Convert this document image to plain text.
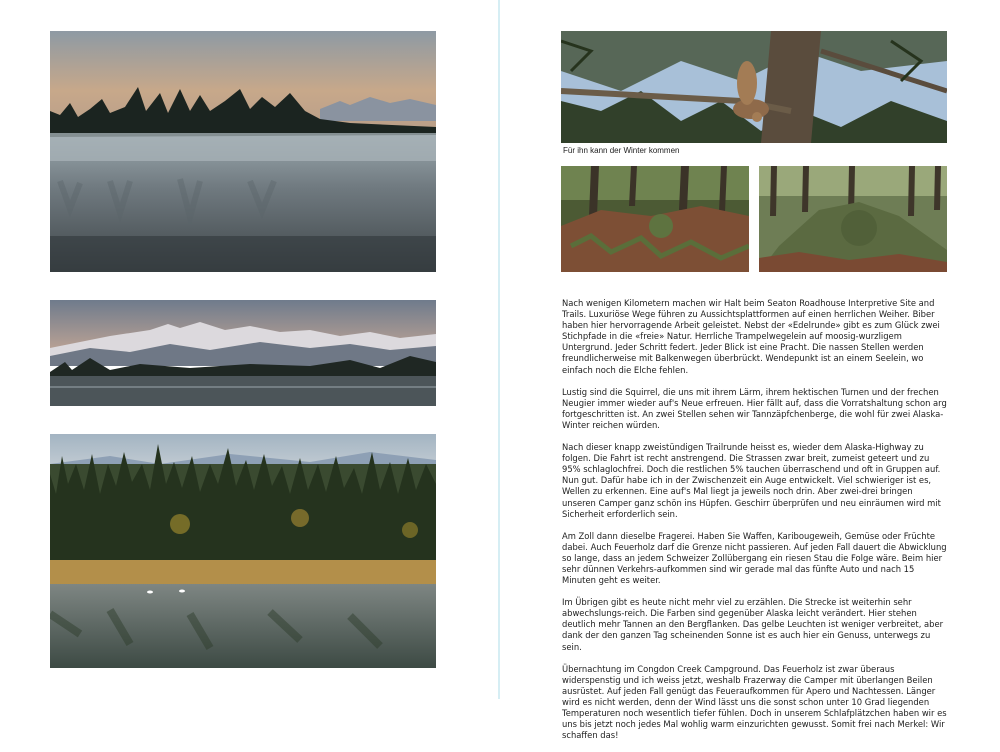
Für ihn kann der Winter kommen

Nach wenigen Kilometern machen wir Halt beim Seaton Roadhouse Interpretive Site and Trails. Luxuriöse Wege führen zu Aussichtsplattformen auf einen herrlichen Weiher. Biber haben hier hervorragende Arbeit geleistet. Nebst der «Edelrunde» gibt es zum Glück zwei Stichpfade in die «freie» Natur. Herrliche Trampelwegelein auf moosig-wurzligem Untergrund. Jeder Schritt federt. Jeder Blick ist eine Pracht. Die nassen Stellen werden freundlicherweise mit Balkenwegen überbrückt. Wendepunkt ist an einem Seelein, wo einfach noch die Elche fehlen.

Lustig sind die Squirrel, die uns mit ihrem Lärm, ihrem hektischen Turnen und der frechen Neugier immer wieder auf's Neue erfreuen. Hier fällt auf, dass die Vorratshaltung schon arg fortgeschritten ist. An zwei Stellen sehen wir Tannzäpfchenberge, die wohl für zwei Alaska-Winter reichen würden.

Nach dieser knapp zweistündigen Trailrunde heisst es, wieder dem Alaska-Highway zu folgen. Die Fahrt ist recht anstrengend. Die Strassen zwar breit, zumeist geteert und zu 95% schlaglochfrei. Doch die restlichen 5% tauchen überraschend und oft in Gruppen auf. Nun gut. Dafür habe ich in der Zwischenzeit ein Auge entwickelt. Viel schwieriger ist es, Wellen zu erkennen. Eine auf's Mal liegt ja jeweils noch drin. Aber zwei-drei bringen unseren Camper ganz schön ins Hüpfen. Geschirr überprüfen und neu einräumen wird mit Sicherheit erforderlich sein.

Am Zoll dann dieselbe Fragerei. Haben Sie Waffen, Karibougeweih, Gemüse oder Früchte dabei. Auch Feuerholz darf die Grenze nicht passieren. Auf jeden Fall dauert die Abwicklung so lange, dass an jedem Schweizer Zollübergang ein riesen Stau die Folge wäre. Beim hier sehr dünnen Verkehrs-aufkommen sind wir gerade mal das fünfte Auto und nach 15 Minuten geht es weiter.

Im Übrigen gibt es heute nicht mehr viel zu erzählen. Die Strecke ist weiterhin sehr abwechslungs-reich. Die Farben sind gegenüber Alaska leicht verändert. Hier stehen deutlich mehr Tannen an den Bergflanken. Das gelbe Leuchten ist weniger verbreitet, aber dank der den ganzen Tag scheinenden Sonne ist es auch hier ein Genuss, unterwegs zu sein.

Übernachtung im Congdon Creek Campground. Das Feuerholz ist zwar überaus widerspenstig und ich weiss jetzt, weshalb Frazerway die Camper mit überlangen Beilen ausrüstet. Auf jeden Fall genügt das Feueraufkommen für Apero und Nachtessen. Länger wird es nicht werden, denn der Wind lässt uns die sonst schon unter 10 Grad liegenden Temperaturen noch wesentlich tiefer fühlen. Doch in unserem Schlafplätzchen haben wir es uns bis jetzt noch jedes Mal wohlig warm einzurichten gewusst. Somit frei nach Merkel: Wir schaffen das!
